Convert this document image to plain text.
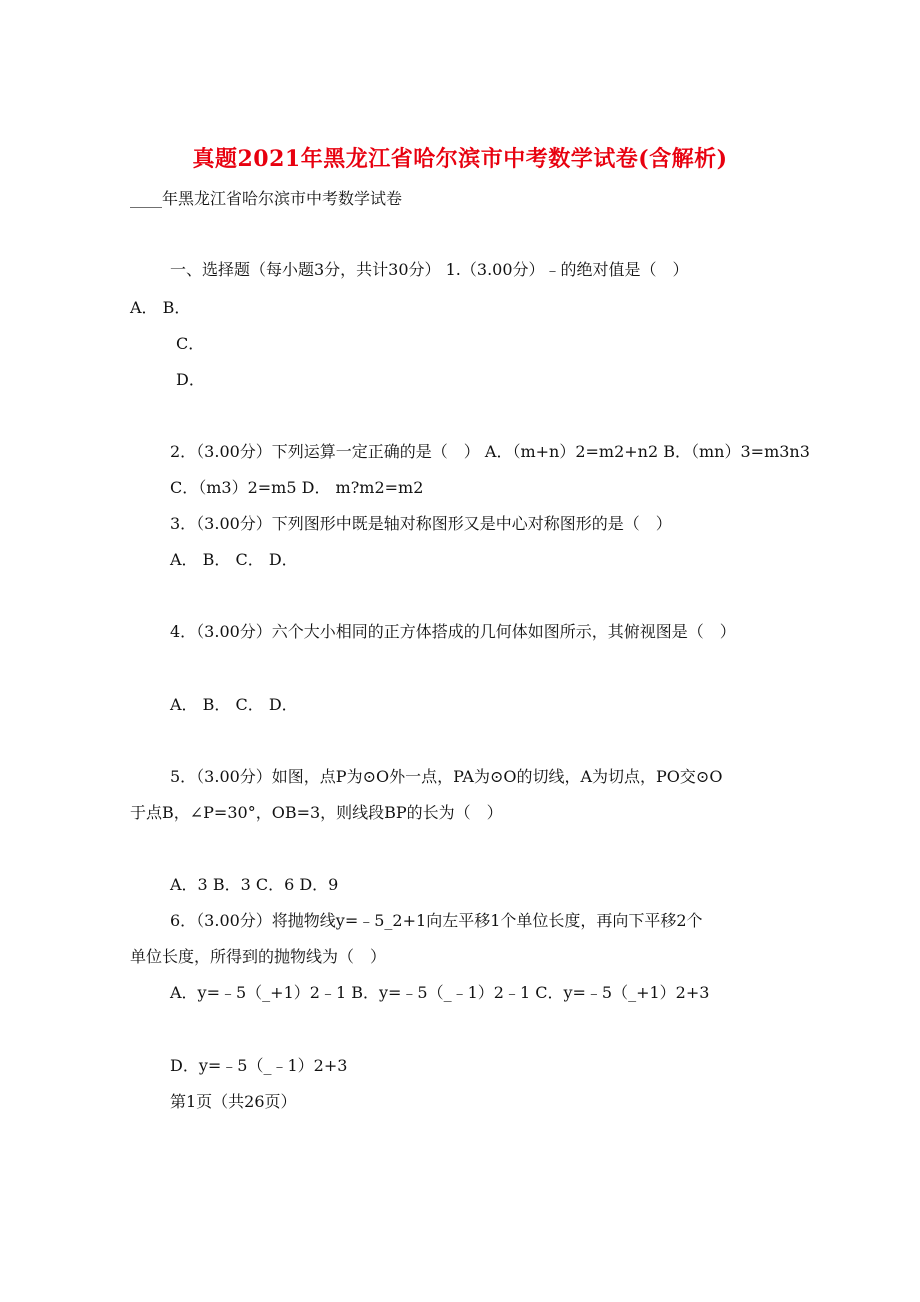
真题2021年黑龙江省哈尔滨市中考数学试卷(含解析)
____年黑龙江省哈尔滨市中考数学试卷
一、选择题（每小题3分，共计30分） 1.（3.00分）﹣的绝对值是（　）
A． B．
C．
D．
2．（3.00分）下列运算一定正确的是（　） A．（m+n）2=m2+n2 B．（mn）3=m3n3
C．（m3）2=m5 D． m?m2=m2
3．（3.00分）下列图形中既是轴对称图形又是中心对称图形的是（　）
A． B． C． D．
4．（3.00分）六个大小相同的正方体搭成的几何体如图所示，其俯视图是（　）
A． B． C． D．
5．（3.00分）如图，点P为⊙O外一点，PA为⊙O的切线，A为切点，PO交⊙O
于点B，∠P=30°，OB=3，则线段BP的长为（　）
A．3 B．3 C．6 D．9
6．（3.00分）将抛物线y=﹣5_2+1向左平移1个单位长度，再向下平移2个
单位长度，所得到的抛物线为（　）
A．y=﹣5（_+1）2﹣1 B．y=﹣5（_﹣1）2﹣1 C．y=﹣5（_+1）2+3
D．y=﹣5（_﹣1）2+3
第1页（共26页）
